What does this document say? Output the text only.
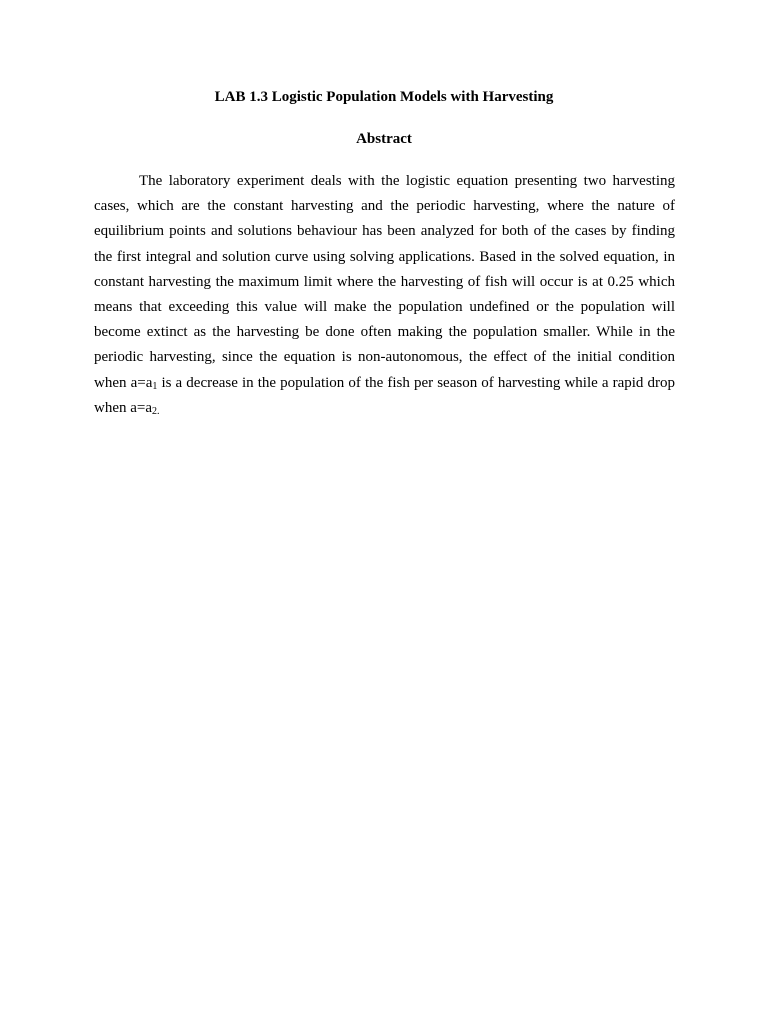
LAB 1.3 Logistic Population Models with Harvesting
Abstract

The laboratory experiment deals with the logistic equation presenting two harvesting cases, which are the constant harvesting and the periodic harvesting, where the nature of equilibrium points and solutions behaviour has been analyzed for both of the cases by finding the first integral and solution curve using solving applications. Based in the solved equation, in constant harvesting the maximum limit where the harvesting of fish will occur is at 0.25 which means that exceeding this value will make the population undefined or the population will become extinct as the harvesting be done often making the population smaller. While in the periodic harvesting, since the equation is non-autonomous, the effect of the initial condition when $a=a_1$ is a decrease in the population of the fish per season of harvesting while a rapid drop when $a=a_{2.}$
